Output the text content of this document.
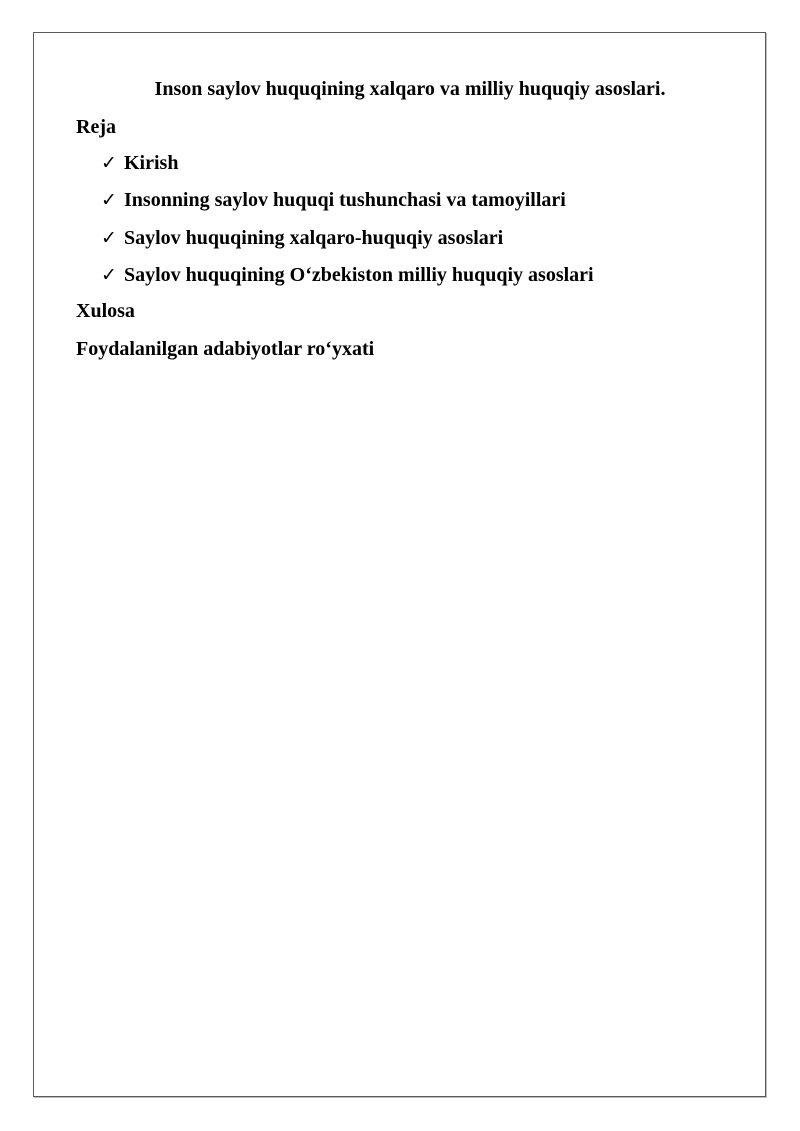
Inson saylov huquqining xalqaro va milliy huquqiy asoslari.
Reja
✓ Kirish
✓ Insonning saylov huquqi tushunchasi va tamoyillari
✓ Saylov huquqining xalqaro-huquqiy asoslari
✓ Saylov huquqining O‘zbekiston milliy huquqiy asoslari
Xulosa
Foydalanilgan adabiyotlar ro‘yxati
